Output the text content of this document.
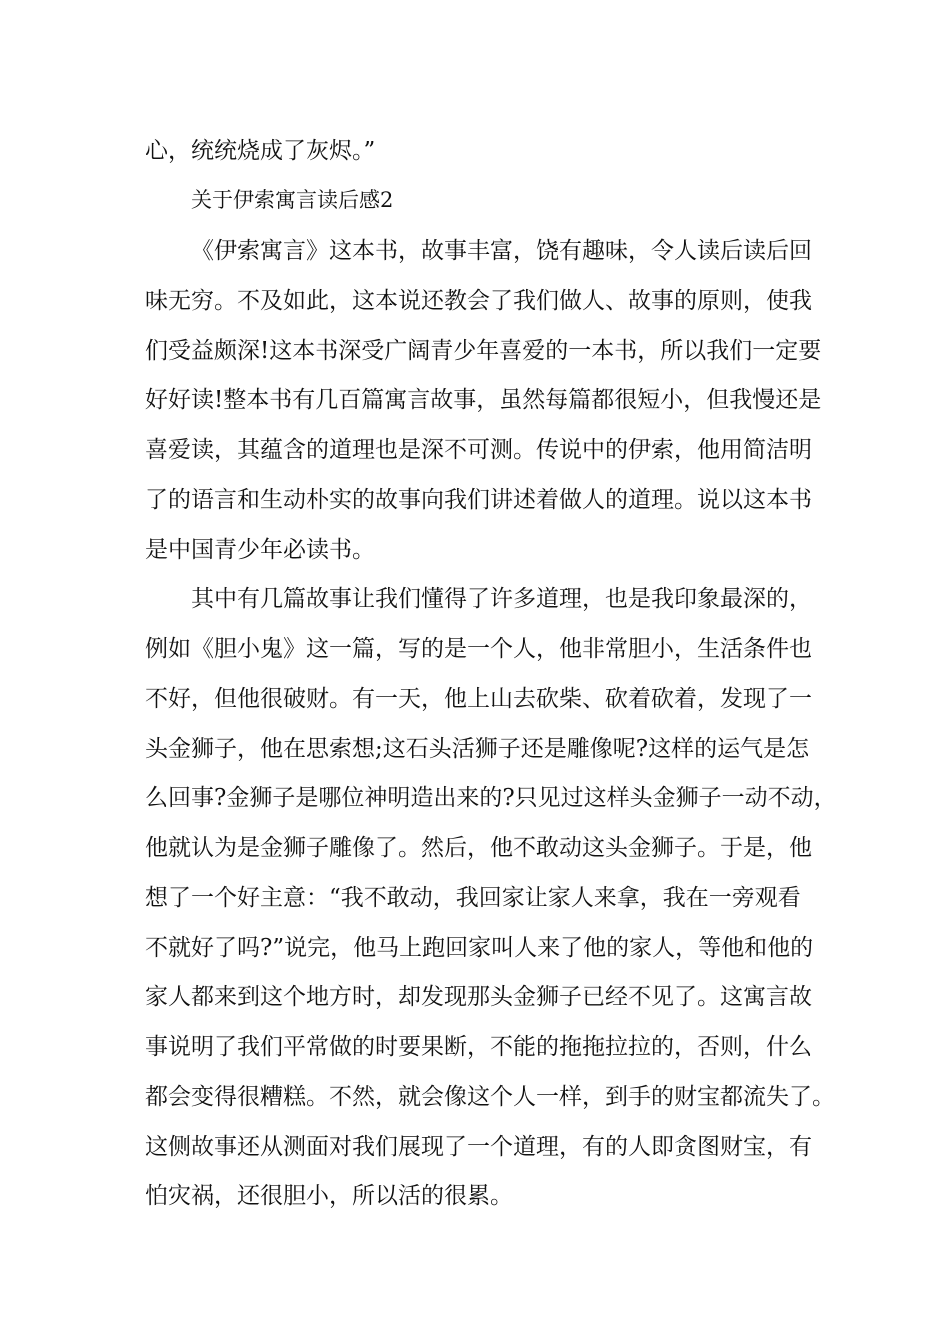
心，统统烧成了灰烬。”
关于伊索寓言读后感2
《伊索寓言》这本书，故事丰富，饶有趣味，令人读后读后回
味无穷。不及如此，这本说还教会了我们做人、故事的原则，使我
们受益颇深!这本书深受广阔青少年喜爱的一本书，所以我们一定要
好好读!整本书有几百篇寓言故事，虽然每篇都很短小，但我慢还是
喜爱读，其蕴含的道理也是深不可测。传说中的伊索，他用简洁明
了的语言和生动朴实的故事向我们讲述着做人的道理。说以这本书
是中国青少年必读书。
其中有几篇故事让我们懂得了许多道理，也是我印象最深的，
例如《胆小鬼》这一篇，写的是一个人，他非常胆小，生活条件也
不好，但他很破财。有一天，他上山去砍柴、砍着砍着，发现了一
头金狮子，他在思索想;这石头活狮子还是雕像呢?这样的运气是怎
么回事?金狮子是哪位神明造出来的?只见过这样头金狮子一动不动，
他就认为是金狮子雕像了。然后，他不敢动这头金狮子。于是，他
想了一个好主意：“我不敢动，我回家让家人来拿，我在一旁观看
不就好了吗?”说完，他马上跑回家叫人来了他的家人，等他和他的
家人都来到这个地方时，却发现那头金狮子已经不见了。这寓言故
事说明了我们平常做的时要果断，不能的拖拖拉拉的，否则，什么
都会变得很糟糕。不然，就会像这个人一样，到手的财宝都流失了。
这侧故事还从测面对我们展现了一个道理，有的人即贪图财宝，有
怕灾祸，还很胆小，所以活的很累。
